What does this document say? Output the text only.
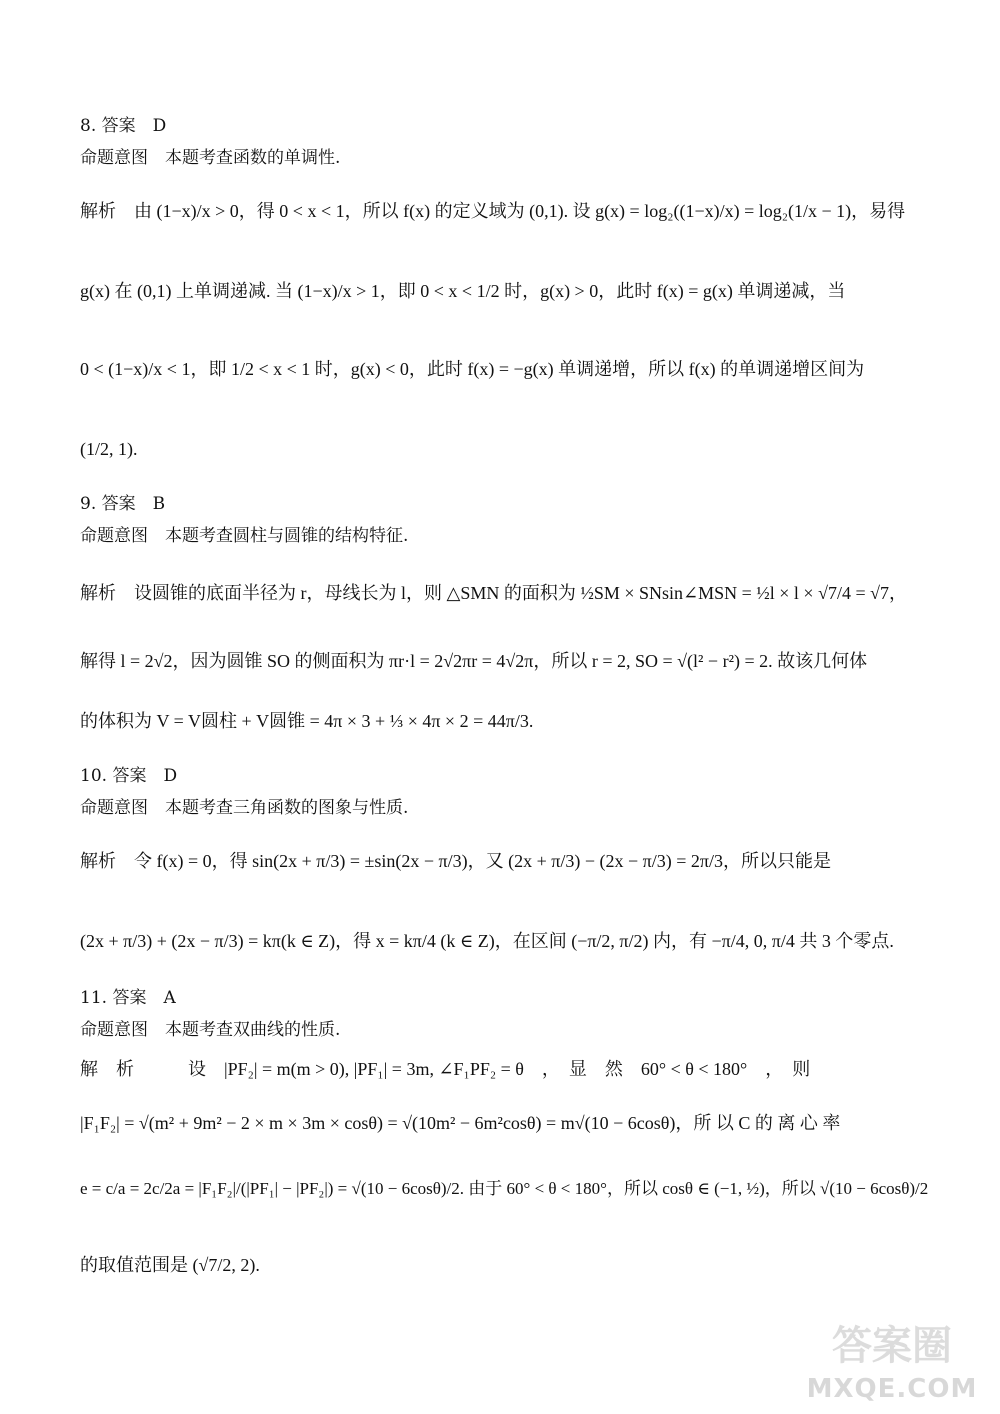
8. 答案　D
命题意图　本题考查函数的单调性.
解析　由 (1−x)/x > 0，得 0 < x < 1，所以 f(x) 的定义域为 (0,1). 设 g(x) = log₂((1−x)/x) = log₂(1/x − 1)，易得
g(x) 在 (0,1) 上单调递减. 当 (1−x)/x > 1，即 0 < x < 1/2 时，g(x) > 0，此时 f(x) = g(x) 单调递减，当
0 < (1−x)/x < 1，即 1/2 < x < 1 时，g(x) < 0，此时 f(x) = −g(x) 单调递增，所以 f(x) 的单调递增区间为
(1/2, 1).
9. 答案　B
命题意图　本题考查圆柱与圆锥的结构特征.
解析　设圆锥的底面半径为 r，母线长为 l，则 △SMN 的面积为 ½SM × SNsin∠MSN = ½l × l × √7/4 = √7，
解得 l = 2√2，因为圆锥 SO 的侧面积为 πr·l = 2√2πr = 4√2π，所以 r = 2, SO = √(l² − r²) = 2. 故该几何体
的体积为 V = V圆柱 + V圆锥 = 4π × 3 + ⅓ × 4π × 2 = 44π/3.
10. 答案　D
命题意图　本题考查三角函数的图象与性质.
解析　令 f(x) = 0，得 sin(2x + π/3) = ±sin(2x − π/3)，又 (2x + π/3) − (2x − π/3) = 2π/3，所以只能是
(2x + π/3) + (2x − π/3) = kπ(k ∈ Z)，得 x = kπ/4 (k ∈ Z)，在区间 (−π/2, π/2) 内，有 −π/4, 0, π/4 共 3 个零点.
11. 答案　A
命题意图　本题考查双曲线的性质.
解　析　　　设　|PF₂| = m(m > 0), |PF₁| = 3m, ∠F₁PF₂ = θ　，　显　然　60° < θ < 180°　，　则
|F₁F₂| = √(m² + 9m² − 2 × m × 3m × cosθ) = √(10m² − 6m²cosθ) = m√(10 − 6cosθ)，所 以 C 的 离 心 率
e = c/a = 2c/2a = |F₁F₂|/(|PF₁| − |PF₂|) = √(10 − 6cosθ)/2. 由于 60° < θ < 180°，所以 cosθ ∈ (−1, ½)，所以 √(10 − 6cosθ)/2
的取值范围是 (√7/2, 2).
答案圈
MXQE.COM
